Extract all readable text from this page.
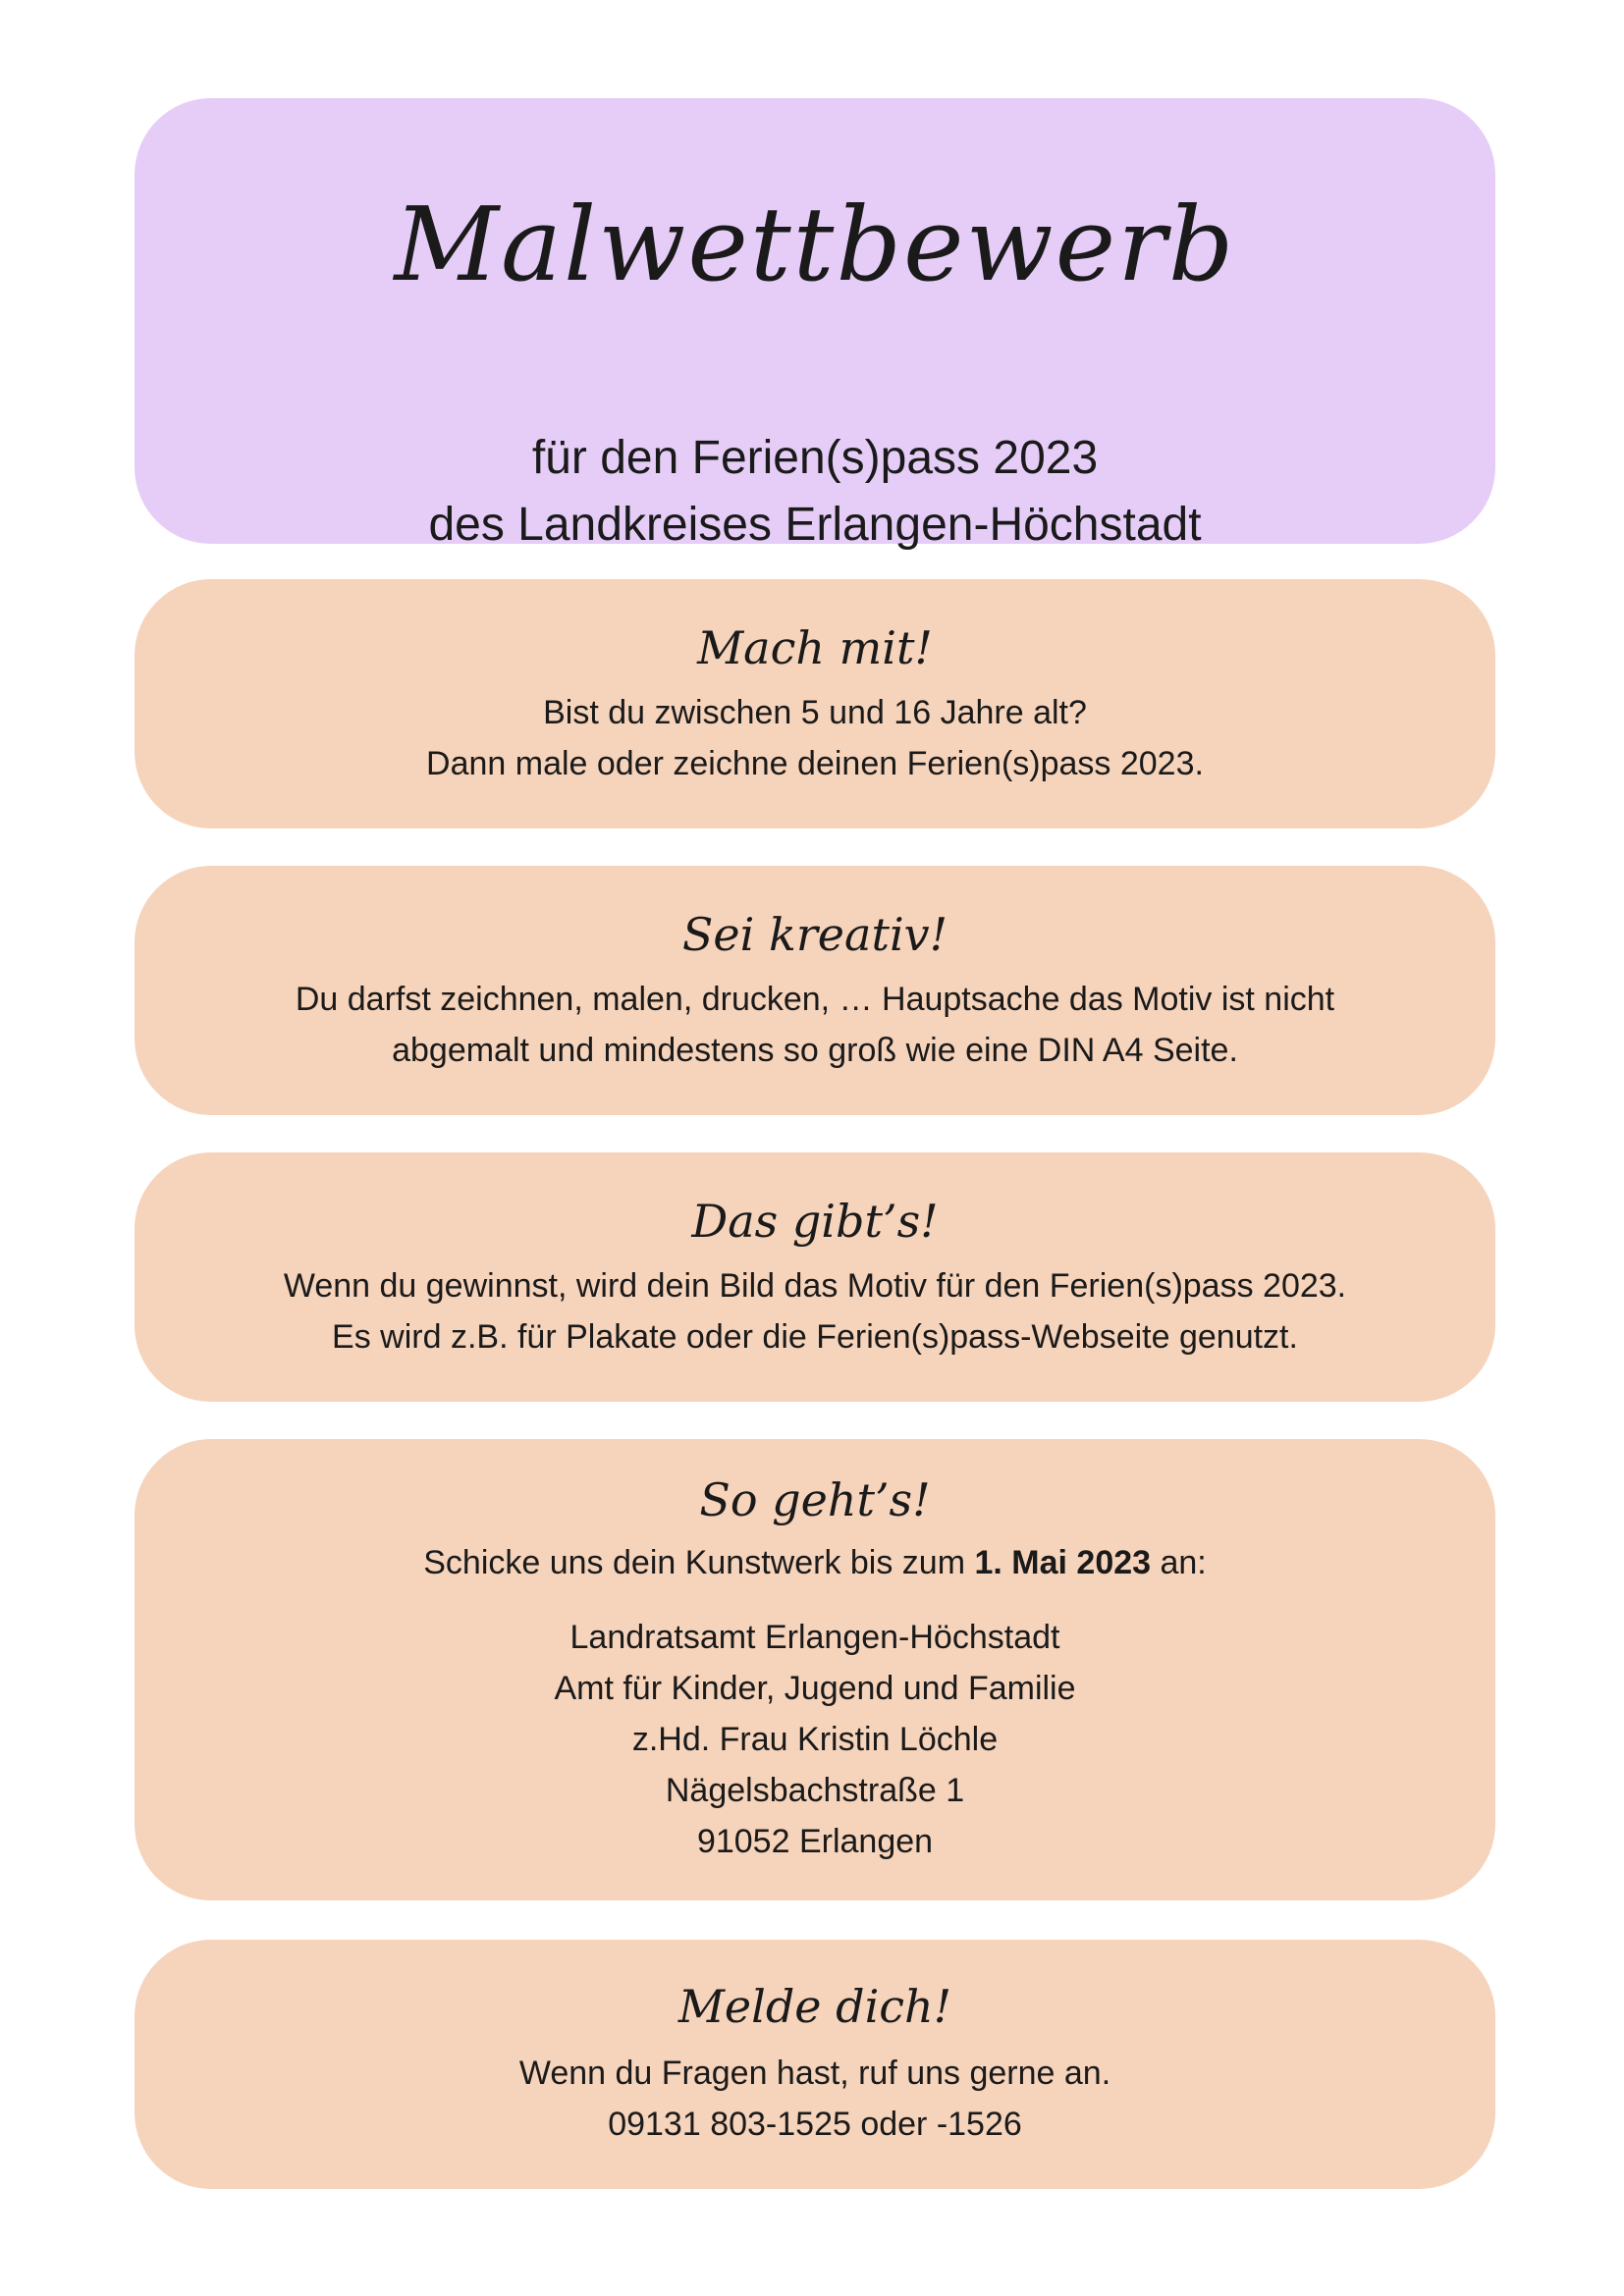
Malwettbewerb
für den Ferien(s)pass 2023
des Landkreises Erlangen-Höchstadt
Mach mit!
Bist du zwischen 5 und 16 Jahre alt?
Dann male oder zeichne deinen Ferien(s)pass 2023.
Sei kreativ!
Du darfst zeichnen, malen, drucken, … Hauptsache das Motiv ist nicht
abgemalt und mindestens so groß wie eine DIN A4 Seite.
Das gibt’s!
Wenn du gewinnst, wird dein Bild das Motiv für den Ferien(s)pass 2023.
Es wird z.B. für Plakate oder die Ferien(s)pass-Webseite genutzt.
So geht’s!
Schicke uns dein Kunstwerk bis zum 1. Mai 2023 an:
Landratsamt Erlangen-Höchstadt
Amt für Kinder, Jugend und Familie
z.Hd. Frau Kristin Löchle
Nägelsbachstraße 1
91052 Erlangen
Melde dich!
Wenn du Fragen hast, ruf uns gerne an.
09131 803-1525 oder -1526
